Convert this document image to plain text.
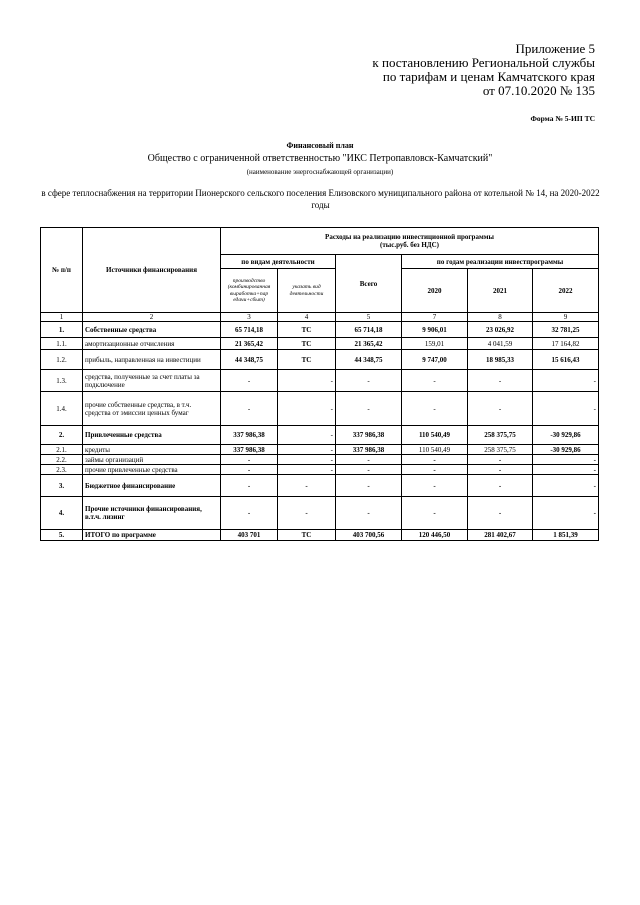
Приложение 5
к постановлению Региональной службы
по тарифам и ценам Камчатского края
от 07.10.2020 № 135
Форма № 5-ИП ТС
Финансовый план
Общество с ограниченной ответственностью "ИКС Петропавловск-Камчатский"
(наименование энергоснабжающей организации)
в сфере теплоснабжения на территории Пионерского сельского поселения Елизовского муниципального района от котельной № 14, на 2020-2022 годы
№ п/п	Источники финансирования	Расходы на реализацию инвестиционной программы
(тыс.руб. без НДС)					

		по видам деятельности		Всего	по годам реализации инвестпрограммы		
		производство (комбинированная выработка+пар едачи+сбыт)	указать вид деятельности		2020	2021	2022
1	2	3	4	5	7	8	9
1.	Собственные средства	65 714,18	ТС	65 714,18	9 906,01	23 026,92	32 781,25
1.1.	амортизационные отчисления	21 365,42	ТС	21 365,42	159,01	4 041,59	17 164,82
1.2.	прибыль, направленная на инвестиции	44 348,75	ТС	44 348,75	9 747,00	18 985,33	15 616,43
1.3.	средства, полученные за счет платы за подключение	-	-	-	-	-	-
1.4.	прочие собственные средства, в т.ч. средства от эмиссии ценных бумаг	-	-	-	-	-	-
2.	Привлеченные средства	337 986,38	-	337 986,38	110 540,49	258 375,75	-30 929,86
2.1.	кредиты	337 986,38	-	337 986,38	110 540,49	258 375,75	-30 929,86
2.2.	займы организаций	-	-	-	-	-	-
2.3.	прочие привлеченные средства	-	-	-	-	-	-
3.	Бюджетное финансирование	-	-	-	-	-	-
4.	Прочие источники финансирования, в.т.ч. лизинг	-	-	-	-	-	-
5.	ИТОГО по программе	403 701	ТС	403 700,56	120 446,50	281 402,67	1 851,39
